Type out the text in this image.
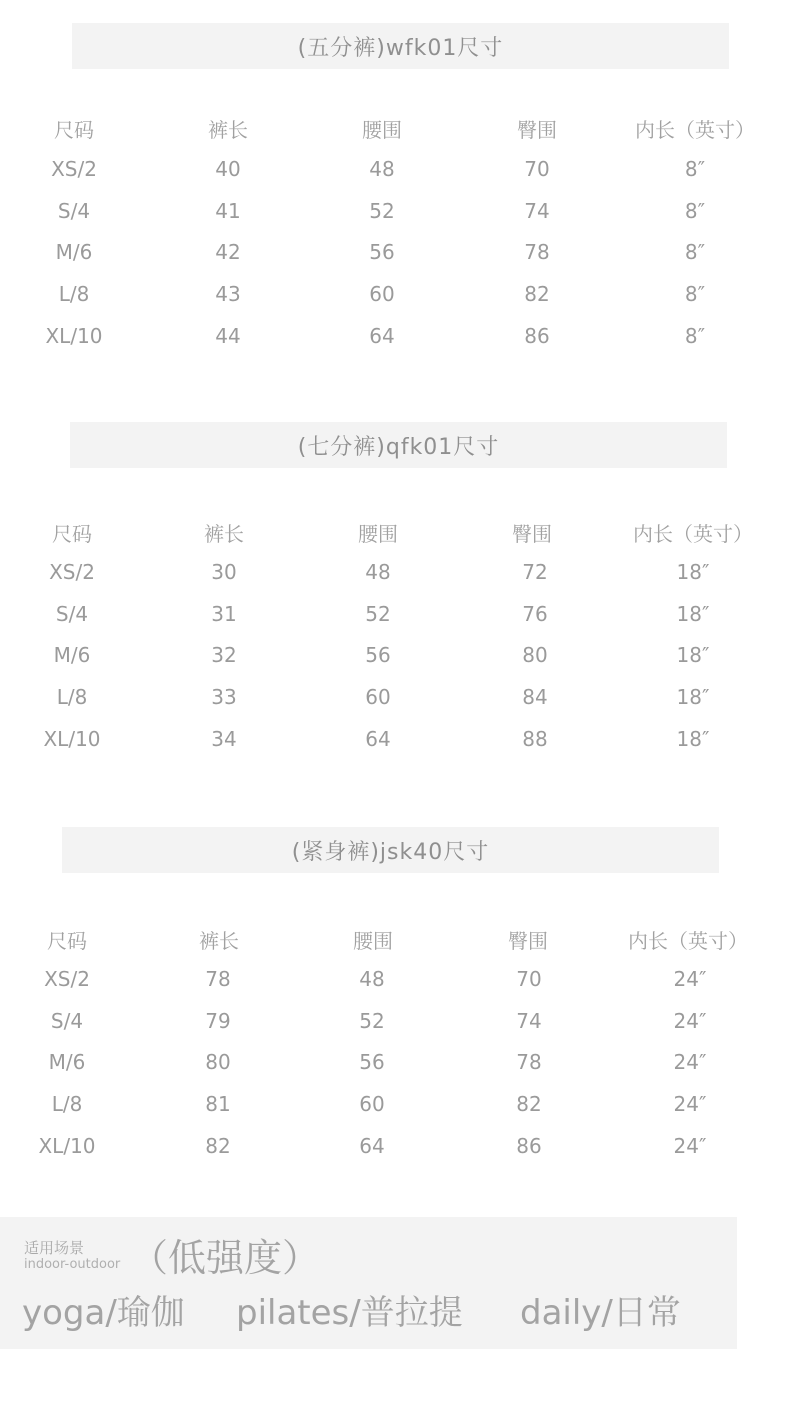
(五分裤)wfk01尺寸
尺码	裤长	腰围	臀围	内长（英寸）
XS/2	40	48	70	8″
S/4	41	52	74	8″
M/6	42	56	78	8″
L/8	43	60	82	8″
XL/10	44	64	86	8″
(七分裤)qfk01尺寸
尺码	裤长	腰围	臀围	内长（英寸）
XS/2	30	48	72	18″
S/4	31	52	76	18″
M/6	32	56	80	18″
L/8	33	60	84	18″
XL/10	34	64	88	18″
(紧身裤)jsk40尺寸
尺码	裤长	腰围	臀围	内长（英寸）
XS/2	78	48	70	24″
S/4	79	52	74	24″
M/6	80	56	78	24″
L/8	81	60	82	24″
XL/10	82	64	86	24″
适用场景
indoor-outdoor （低强度）
yoga/瑜伽 pilates/普拉提 daily/日常
